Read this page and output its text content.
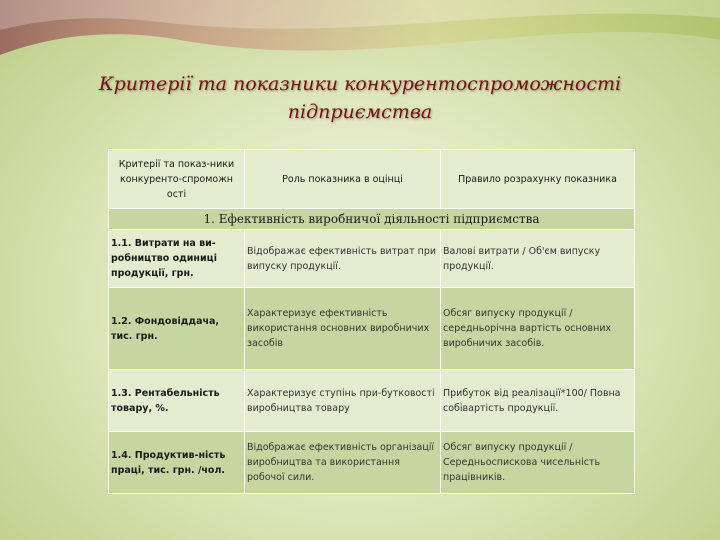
Критерії та показники конкурентоспроможності
підприємства
Критерії та показ-ники конкуренто-спроможн ості	Роль показника в оцінці	Правило розрахунку показника
1. Ефективність виробничої діяльності підприємства		
1.1. Витрати на ви-робництво одиниці продукції, грн.	Відображає ефективність витрат при випуску продукції.	Валові витрати / Об'єм випуску продукції.
1.2. Фондовіддача, тис. грн.	Характеризує ефективність використання основних виробничих засобів	Обсяг випуску продукції / середньорічна вартість основних виробничих засобів.
1.3. Рентабельність товару, %.	Характеризує ступінь при-бутковості виробництва товару	Прибуток від реалізації*100/ Повна собівартість продукції.
1.4. Продуктив-ність праці, тис. грн. /чол.	Відображає ефективність організації виробництва та використання робочої сили.	Обсяг випуску продукції / Середньоспискова чисельність працівників.
